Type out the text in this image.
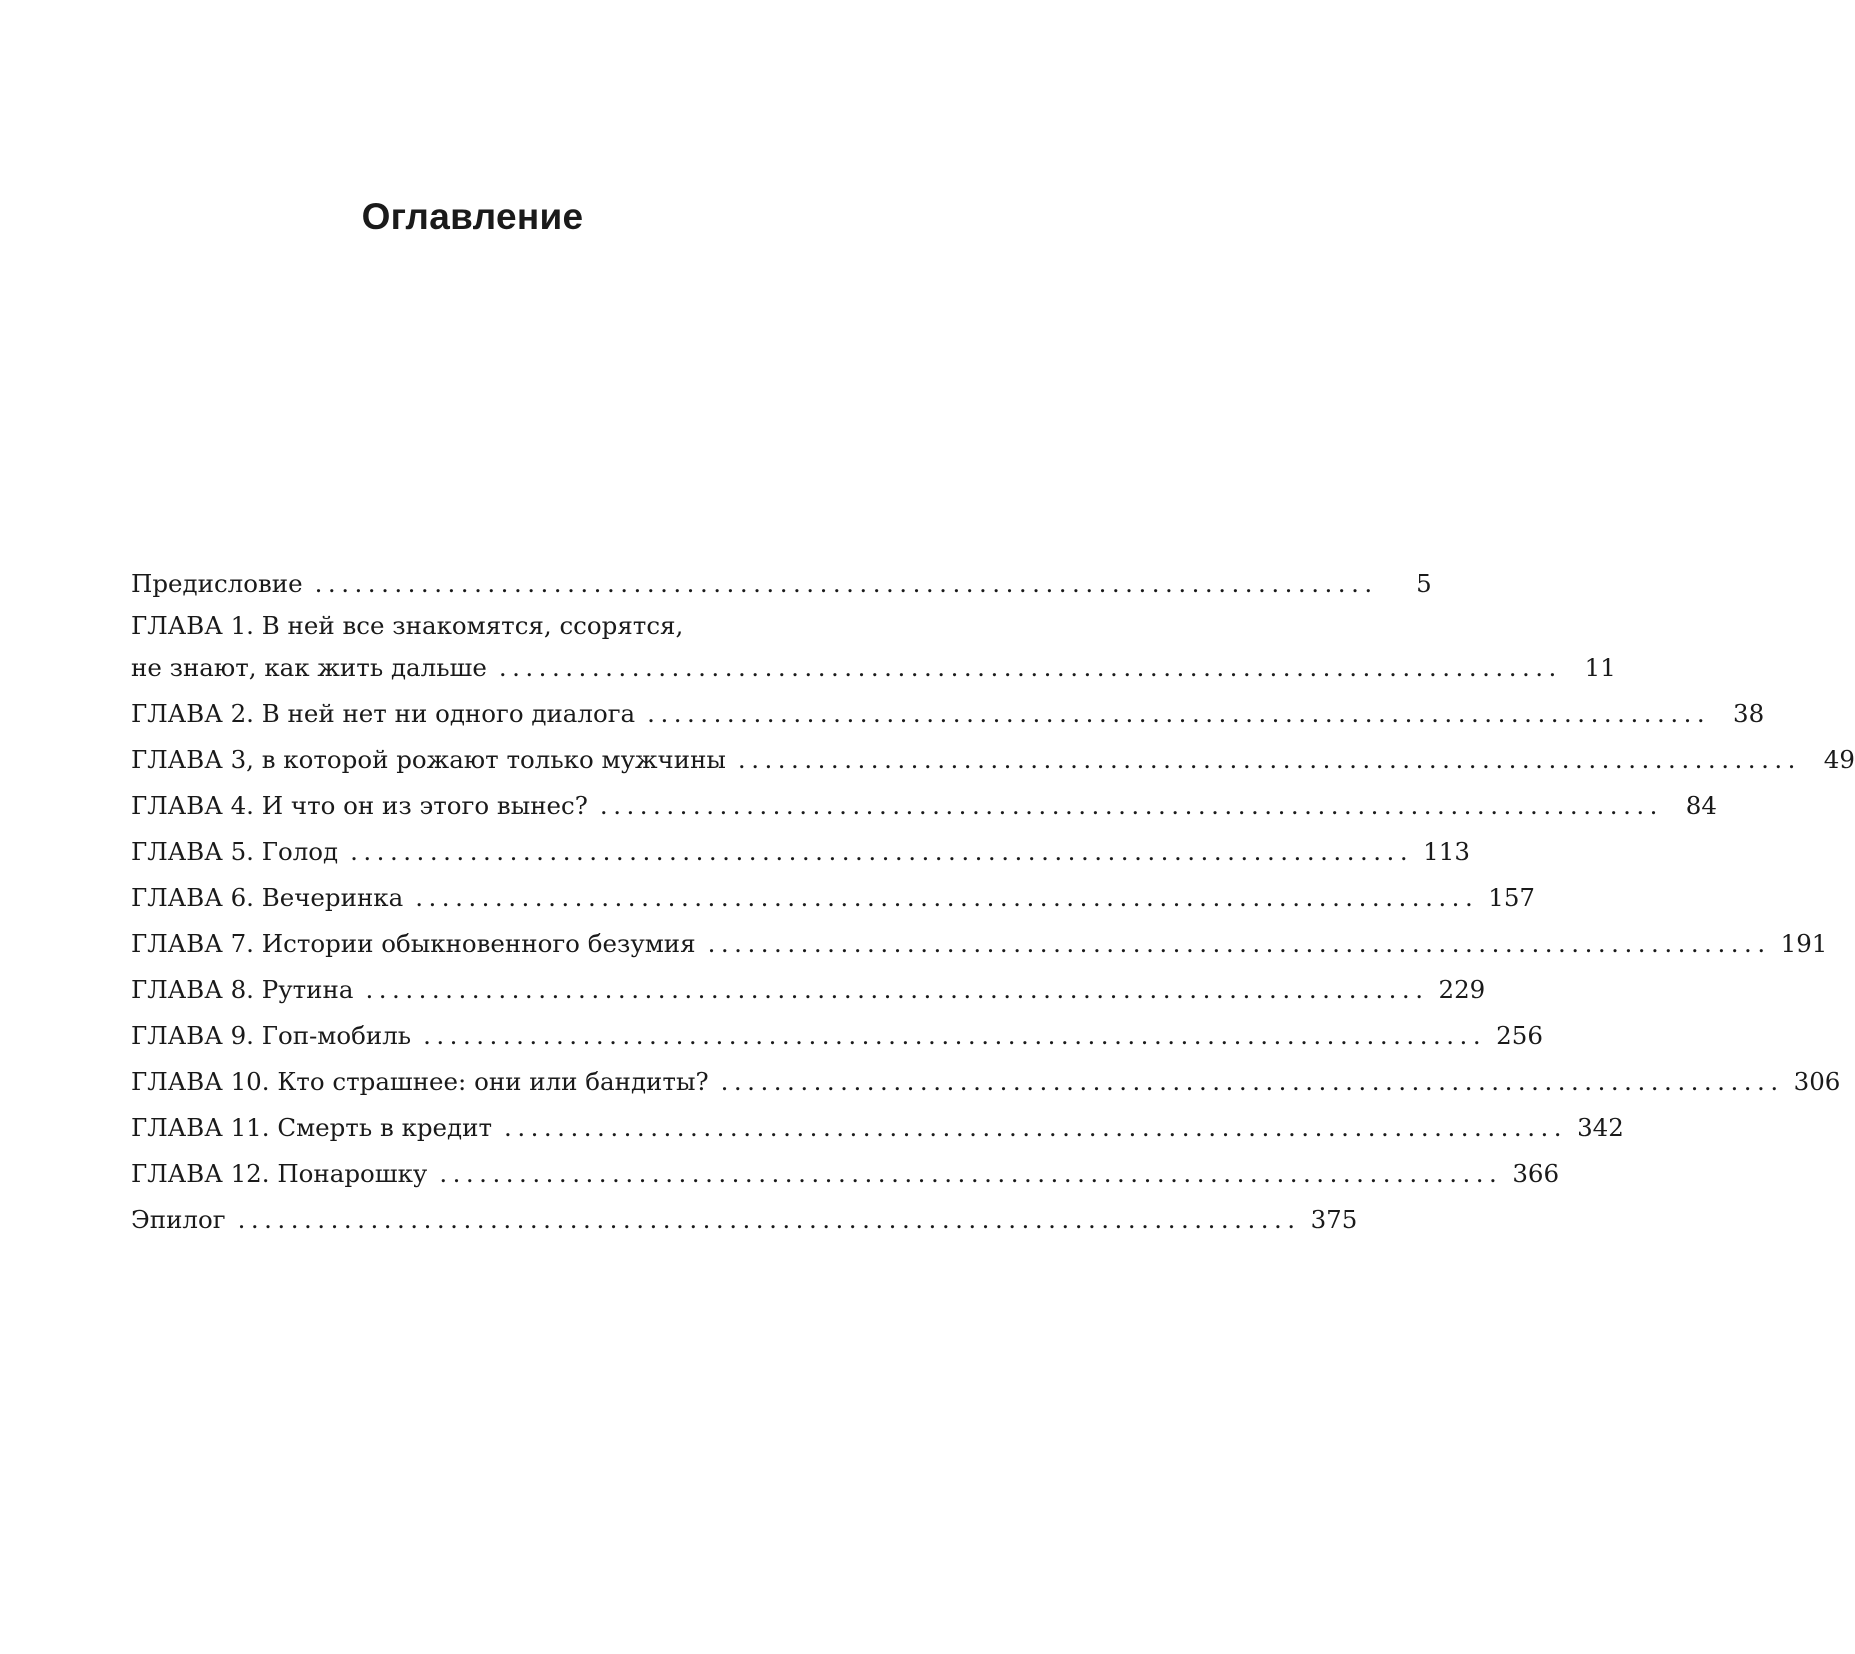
Оглавление
Предисловие ................................................................................	5
ГЛАВА 1. В ней все знакомятся, ссорятся,
не знают, как жить дальше ................................................................................ 11
ГЛАВА 2. В ней нет ни одного диалога ................................................................................ 38
ГЛАВА 3, в которой рожают только мужчины ................................................................................ 49
ГЛАВА 4. И что он из этого вынес? ................................................................................ 84
ГЛАВА 5. Голод ................................................................................ 113
ГЛАВА 6. Вечеринка ................................................................................ 157
ГЛАВА 7. Истории обыкновенного безумия ................................................................................ 191
ГЛАВА 8. Рутина ................................................................................ 229
ГЛАВА 9. Гоп-мобиль ................................................................................ 256
ГЛАВА 10. Кто страшнее: они или бандиты? ................................................................................ 306
ГЛАВА 11. Смерть в кредит ................................................................................ 342
ГЛАВА 12. Понарошку ................................................................................ 366
Эпилог ................................................................................ 375
